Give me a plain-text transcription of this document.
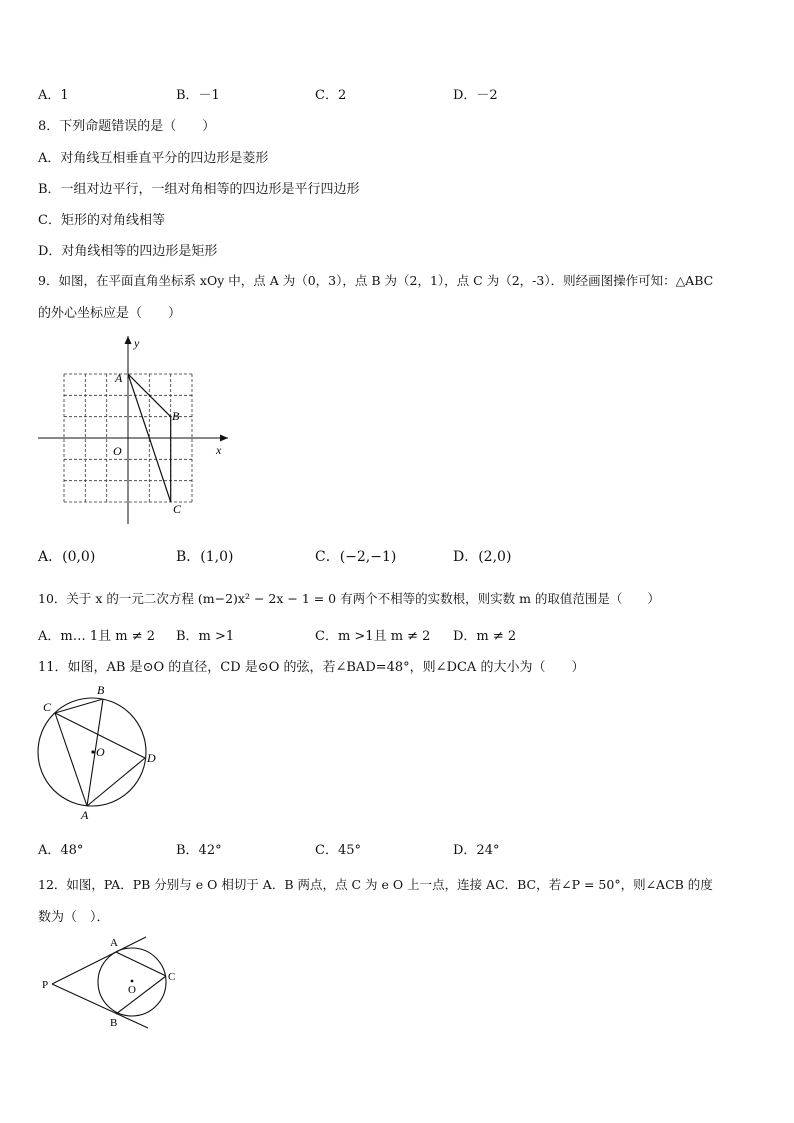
A．1	B．－1	C．2	D．－2
8．下列命题错误的是（　　）
A．对角线互相垂直平分的四边形是菱形
B．一组对边平行，一组对角相等的四边形是平行四边形
C．矩形的对角线相等
D．对角线相等的四边形是矩形
9．如图，在平面直角坐标系 xOy 中，点 A 为（0，3），点 B 为（2，1），点 C 为（2，-3）．则经画图操作可知：△ABC
的外心坐标应是（　　）
y
x
O
A
B
C
A．(0,0)	B．(1,0)	C．(−2,−1)	D．(2,0)
10．关于 x 的一元二次方程 (m−2)x² − 2x − 1 = 0 有两个不相等的实数根，则实数 m 的取值范围是（　　）
A．m… 1且 m ≠ 2 B．m >1	C．m >1且 m ≠ 2 D．m ≠ 2
11．如图，AB 是⊙O 的直径，CD 是⊙O 的弦，若∠BAD=48°，则∠DCA 的大小为（　　）
O
A
B
C
D
A．48°	B．42°	C．45°	D．24°
12．如图，PA．PB 分别与 e O 相切于 A．B 两点，点 C 为 e O 上一点，连接 AC．BC，若∠P = 50°，则∠ACB 的度
数为（　）．
A
B
C
P	O
